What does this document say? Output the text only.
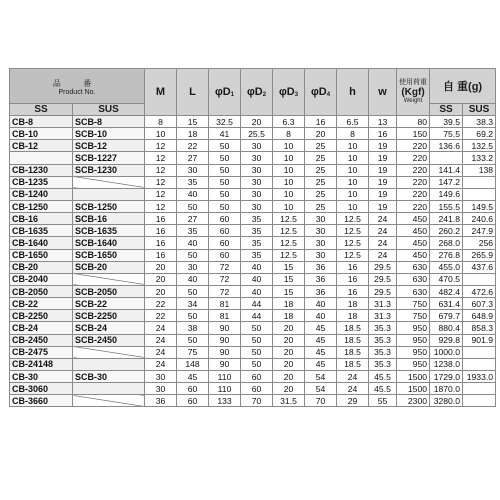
品 番
Product No.		M	L	φD1	φD2	φD3	φD4	h	w	使用荷重
(Kgf)
Weight	自 重(g)	
SS	SUS										SS	SUS
CB-8	SCB-8	8	15	32.5	20	6.3	16	6.5	13	80	39.5	38.3
CB-10	SCB-10	10	18	41	25.5	8	20	8	16	150	75.5	69.2
CB-12	SCB-12	12	22	50	30	10	25	10	19	220	136.6	132.5
	SCB-1227	12	27	50	30	10	25	10	19	220		133.2
CB-1230	SCB-1230	12	30	50	30	10	25	10	19	220	141.4	138
CB-1235		12	35	50	30	10	25	10	19	220	147.2	
CB-1240		12	40	50	30	10	25	10	19	220	149.6	
CB-1250	SCB-1250	12	50	50	30	10	25	10	19	220	155.5	149.5
CB-16	SCB-16	16	27	60	35	12.5	30	12.5	24	450	241.8	240.6
CB-1635	SCB-1635	16	35	60	35	12.5	30	12.5	24	450	260.2	247.9
CB-1640	SCB-1640	16	40	60	35	12.5	30	12.5	24	450	268.0	256
CB-1650	SCB-1650	16	50	60	35	12.5	30	12.5	24	450	276.8	265.9
CB-20	SCB-20	20	30	72	40	15	36	16	29.5	630	455.0	437.6
CB-2040		20	40	72	40	15	36	16	29.5	630	470.5	
CB-2050	SCB-2050	20	50	72	40	15	36	16	29.5	630	482.4	472.6
CB-22	SCB-22	22	34	81	44	18	40	18	31.3	750	631.4	607.3
CB-2250	SCB-2250	22	50	81	44	18	40	18	31.3	750	679.7	648.9
CB-24	SCB-24	24	38	90	50	20	45	18.5	35.3	950	880.4	858.3
CB-2450	SCB-2450	24	50	90	50	20	45	18.5	35.3	950	929.8	901.9
CB-2475		24	75	90	50	20	45	18.5	35.3	950	1000.0	
CB-24148		24	148	90	50	20	45	18.5	35.3	950	1238.0	
CB-30	SCB-30	30	45	110	60	20	54	24	45.5	1500	1729.0	1933.0
CB-3060		30	60	110	60	20	54	24	45.5	1500	1870.0	
CB-3660		36	60	133	70	31.5	70	29	55	2300	3280.0	
